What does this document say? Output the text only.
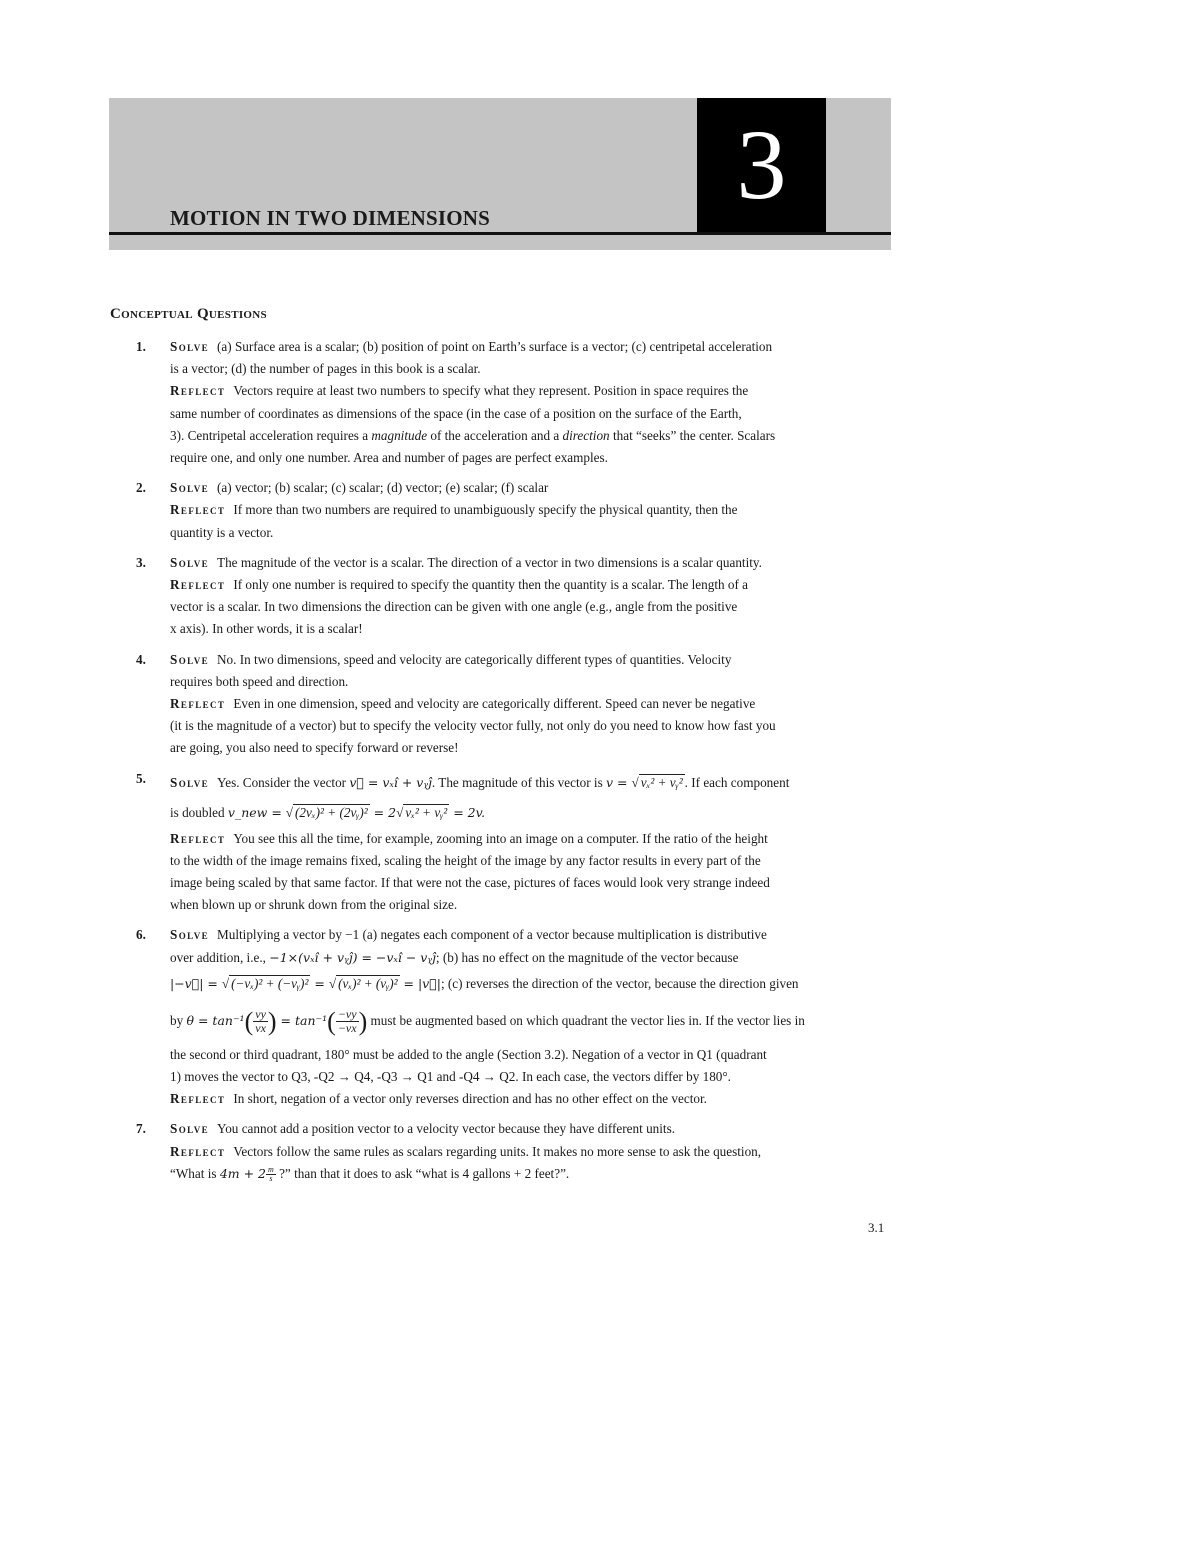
3
MOTION IN TWO DIMENSIONS
Conceptual Questions
1. Solve (a) Surface area is a scalar; (b) position of point on Earth’s surface is a vector; (c) centripetal acceleration
is a vector; (d) the number of pages in this book is a scalar.
Reflect Vectors require at least two numbers to specify what they represent. Position in space requires the
same number of coordinates as dimensions of the space (in the case of a position on the surface of the Earth,
3). Centripetal acceleration requires a magnitude of the acceleration and a direction that “seeks” the center. Scalars
require one, and only one number. Area and number of pages are perfect examples.
2. Solve (a) vector; (b) scalar; (c) scalar; (d) vector; (e) scalar; (f) scalar
Reflect If more than two numbers are required to unambiguously specify the physical quantity, then the
quantity is a vector.
3. Solve The magnitude of the vector is a scalar. The direction of a vector in two dimensions is a scalar quantity.
Reflect If only one number is required to specify the quantity then the quantity is a scalar. The length of a
vector is a scalar. In two dimensions the direction can be given with one angle (e.g., angle from the positive
x axis). In other words, it is a scalar!
4. Solve No. In two dimensions, speed and velocity are categorically different types of quantities. Velocity
requires both speed and direction.
Reflect Even in one dimension, speed and velocity are categorically different. Speed can never be negative
(it is the magnitude of a vector) but to specify the velocity vector fully, not only do you need to know how fast you
are going, you also need to specify forward or reverse!
5. Solve Yes. Consider the vector v⃗ = vₓî + vᵧĵ. The magnitude of this vector is v = √ vₓ² + vᵧ² . If each component
is doubled v_new = √ (2vₓ)² + (2vᵧ)² = 2√ vₓ² + vᵧ² = 2v.
Reflect You see this all the time, for example, zooming into an image on a computer. If the ratio of the height
to the width of the image remains fixed, scaling the height of the image by any factor results in every part of the
image being scaled by that same factor. If that were not the case, pictures of faces would look very strange indeed
when blown up or shrunk down from the original size.
6. Solve Multiplying a vector by −1 (a) negates each component of a vector because multiplication is distributive
over addition, i.e., −1×(vₓî + vᵧĵ) = −vₓî − vᵧĵ; (b) has no effect on the magnitude of the vector because
|−v⃗| = √ (−vₓ)² + (−vᵧ)² = √ (vₓ)² + (vᵧ)² = |v⃗|; (c) reverses the direction of the vector, because the direction given
by $\theta = \tan^{-1}( \frac{vy}{vx}$ ) = $\tan^{-1}( \frac{-vy}{-vx}$ ) must be augmented based on which quadrant the vector lies in. If the vector lies in
the second or third quadrant, 180° must be added to the angle (Section 3.2). Negation of a vector in Q1 (quadrant
1) moves the vector to Q3, -Q2 → Q4, -Q3 → Q1 and -Q4 → Q2. In each case, the vectors differ by 180°.
Reflect In short, negation of a vector only reverses direction and has no other effect on the vector.
7. Solve You cannot add a position vector to a velocity vector because they have different units.
Reflect Vectors follow the same rules as scalars regarding units. It makes no more sense to ask the question,
“What is $4m + 2 \frac{m}{s}$ ?” than that it does to ask “what is 4 gallons + 2 feet?”.
3.1
